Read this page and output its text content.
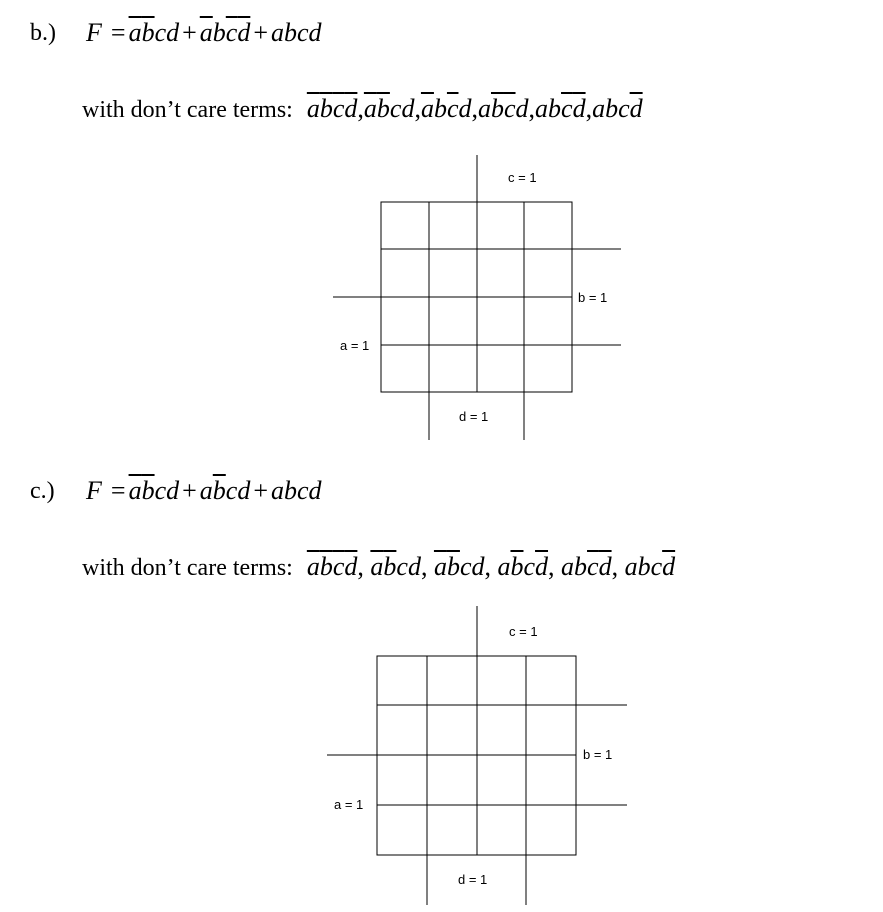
b.) $F = \overline{a}\overline{b}cd + \overline{a}b\overline{c}\overline{d}$ + abcd
with don’t care terms: $\overline{a}\overline{b}\overline{c}\overline{d},\overline{a}\overline{b}cd,\overline{a}b\overline{c}d,a\overline{b}\overline{c}d,ab\overline{c}\overline{d},abc\overline{d}$
c = 1
b = 1
a = 1
d = 1
c.) $F = \overline{a}\overline{b}cd + a\overline{b}cd$ + abcd
with don’t care terms: $\overline{a}\overline{b}\overline{c}\overline{d}$, $\overline{a}\overline{b}cd$, $\overline{a}\overline{b}cd$, $a\overline{b}c\overline{d}$, $ab\overline{c}\overline{d}$, $abc\overline{d}$
c = 1
b = 1
a = 1
d = 1
